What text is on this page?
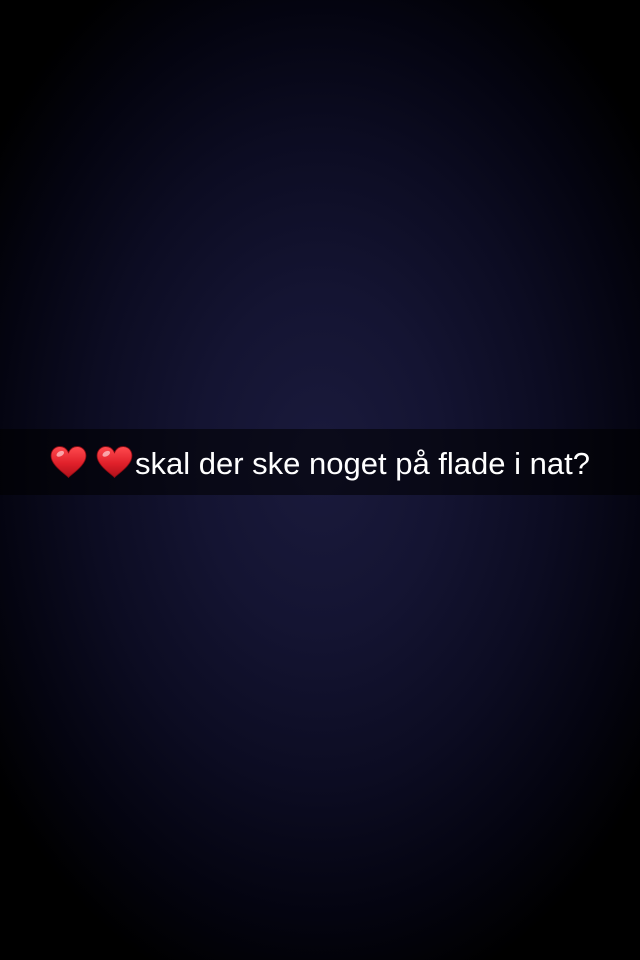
skal der ske noget på flade i nat?
